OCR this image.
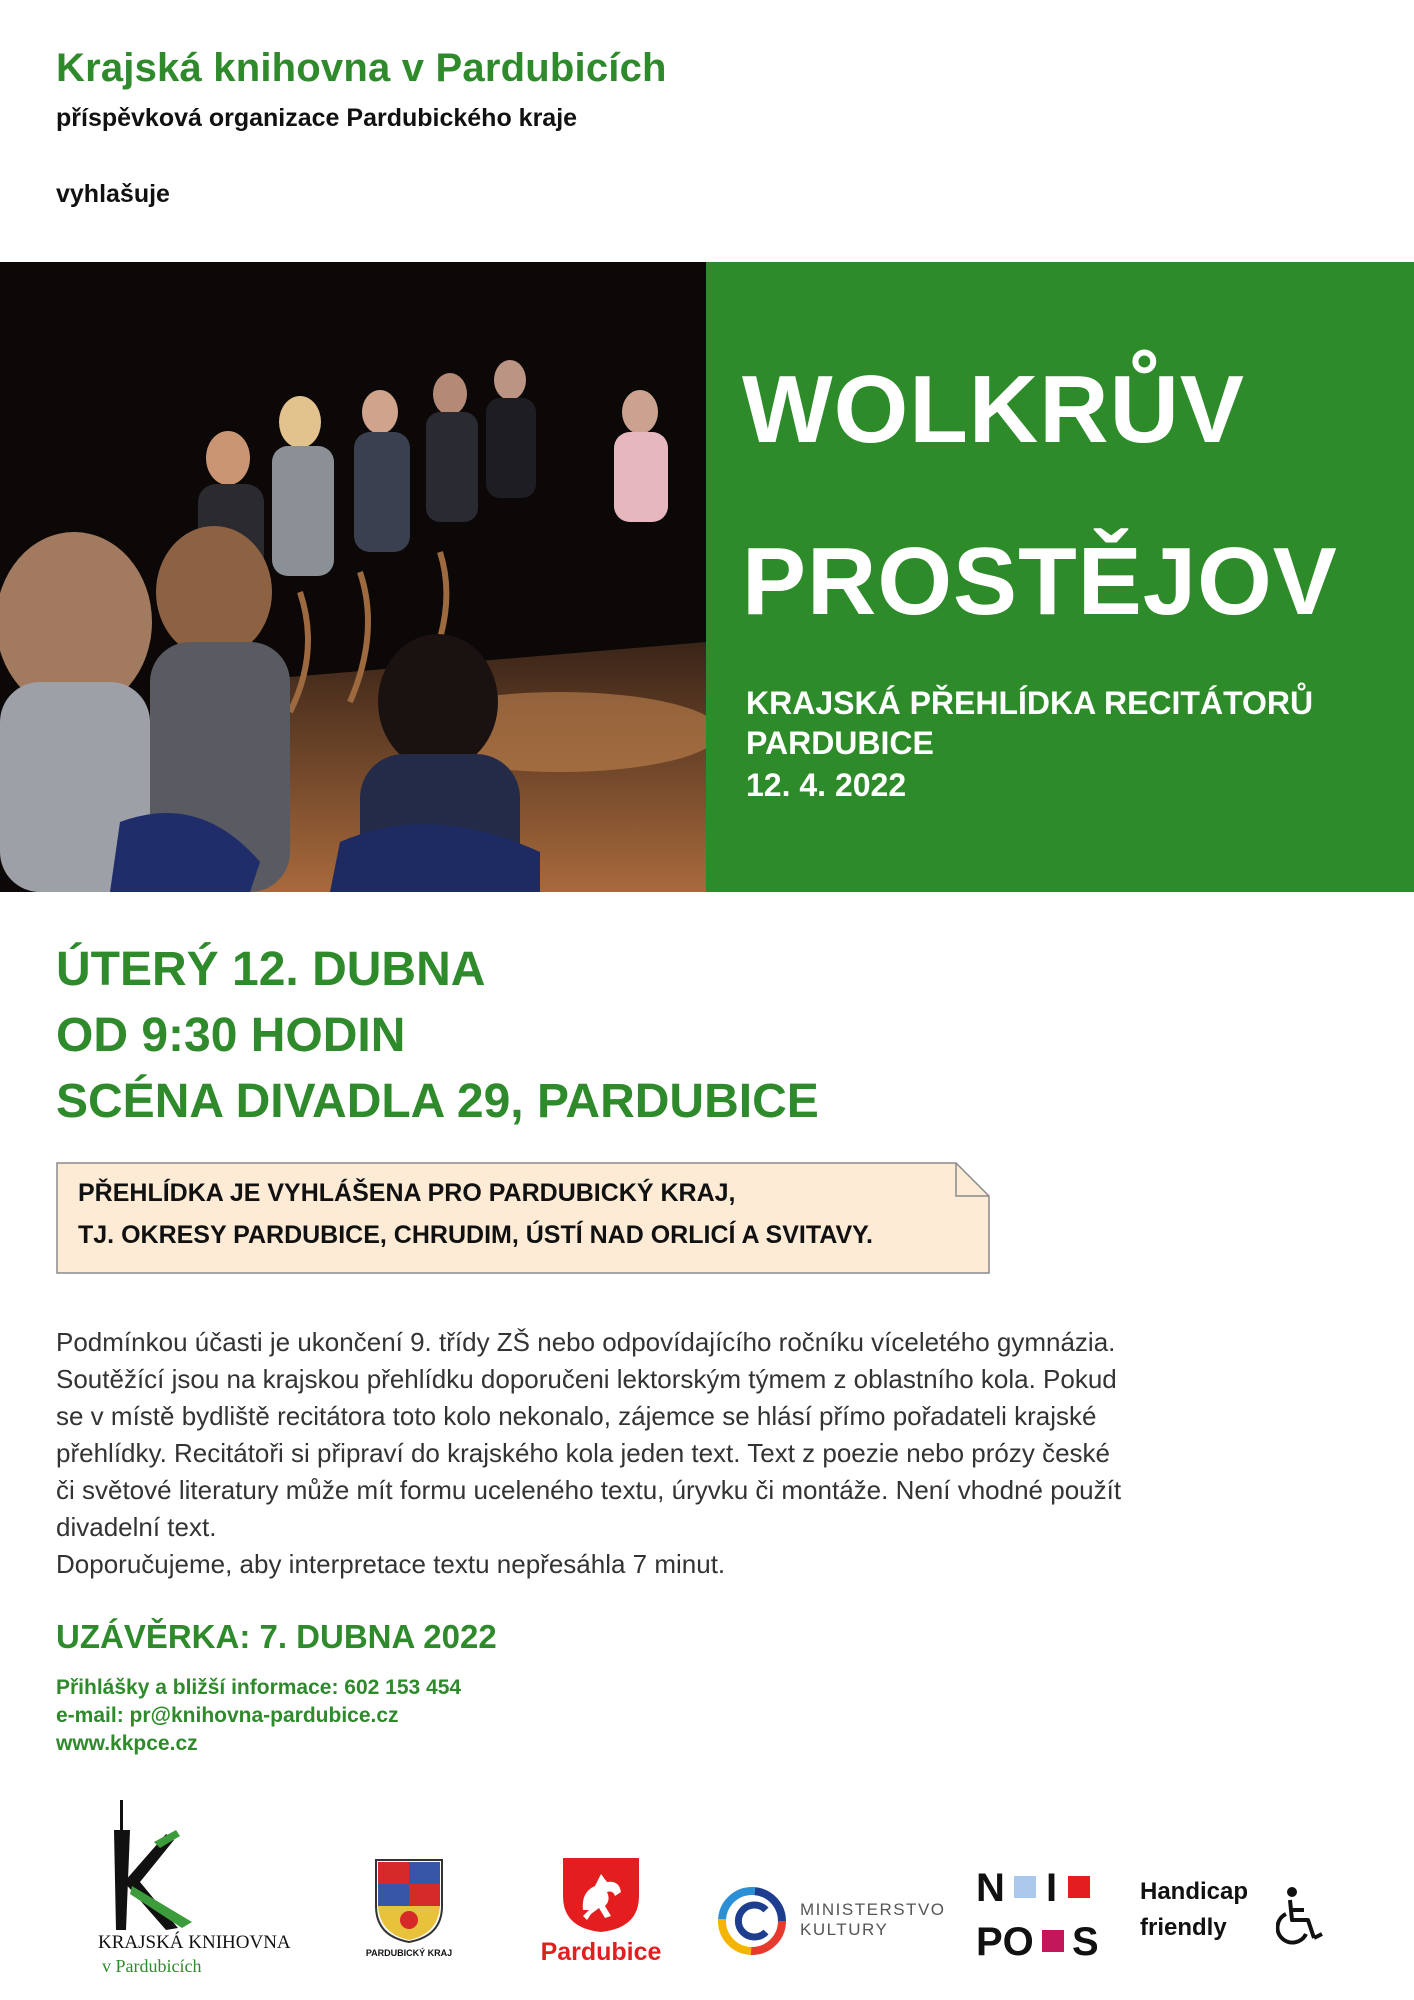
Krajská knihovna v Pardubicích
příspěvková organizace Pardubického kraje
vyhlašuje
WOLKRŮV
PROSTĚJOV
KRAJSKÁ PŘEHLÍDKA RECITÁTORŮ
PARDUBICE
12. 4. 2022
ÚTERÝ 12. DUBNA
OD 9:30 HODIN
SCÉNA DIVADLA 29, PARDUBICE
PŘEHLÍDKA JE VYHLÁŠENA PRO PARDUBICKÝ KRAJ,
TJ. OKRESY PARDUBICE, CHRUDIM, ÚSTÍ NAD ORLICÍ A SVITAVY.

Podmínkou účasti je ukončení 9. třídy ZŠ nebo odpovídajícího ročníku víceletého gymnázia.

Soutěžící jsou na krajskou přehlídku doporučeni lektorským týmem z oblastního kola. Pokud

se v místě bydliště recitátora toto kolo nekonalo, zájemce se hlásí přímo pořadateli krajské

přehlídky. Recitátoři si připraví do krajského kola jeden text. Text z poezie nebo prózy české

či světové literatury může mít formu uceleného textu, úryvku či montáže. Není vhodné použít

divadelní text.

Doporučujeme, aby interpretace textu nepřesáhla 7 minut.

UZÁVĚRKA: 7. DUBNA 2022
Přihlášky a bližší informace: 602 153 454
e-mail: pr@knihovna-pardubice.cz
www.kkpce.cz
KRAJSKÁ KNIHOVNA
v Pardubicích
PARDUBICKÝ KRAJ	Pardubice
MINISTERSTVO
KULTURY
N I
PO S
Handicap
friendly
